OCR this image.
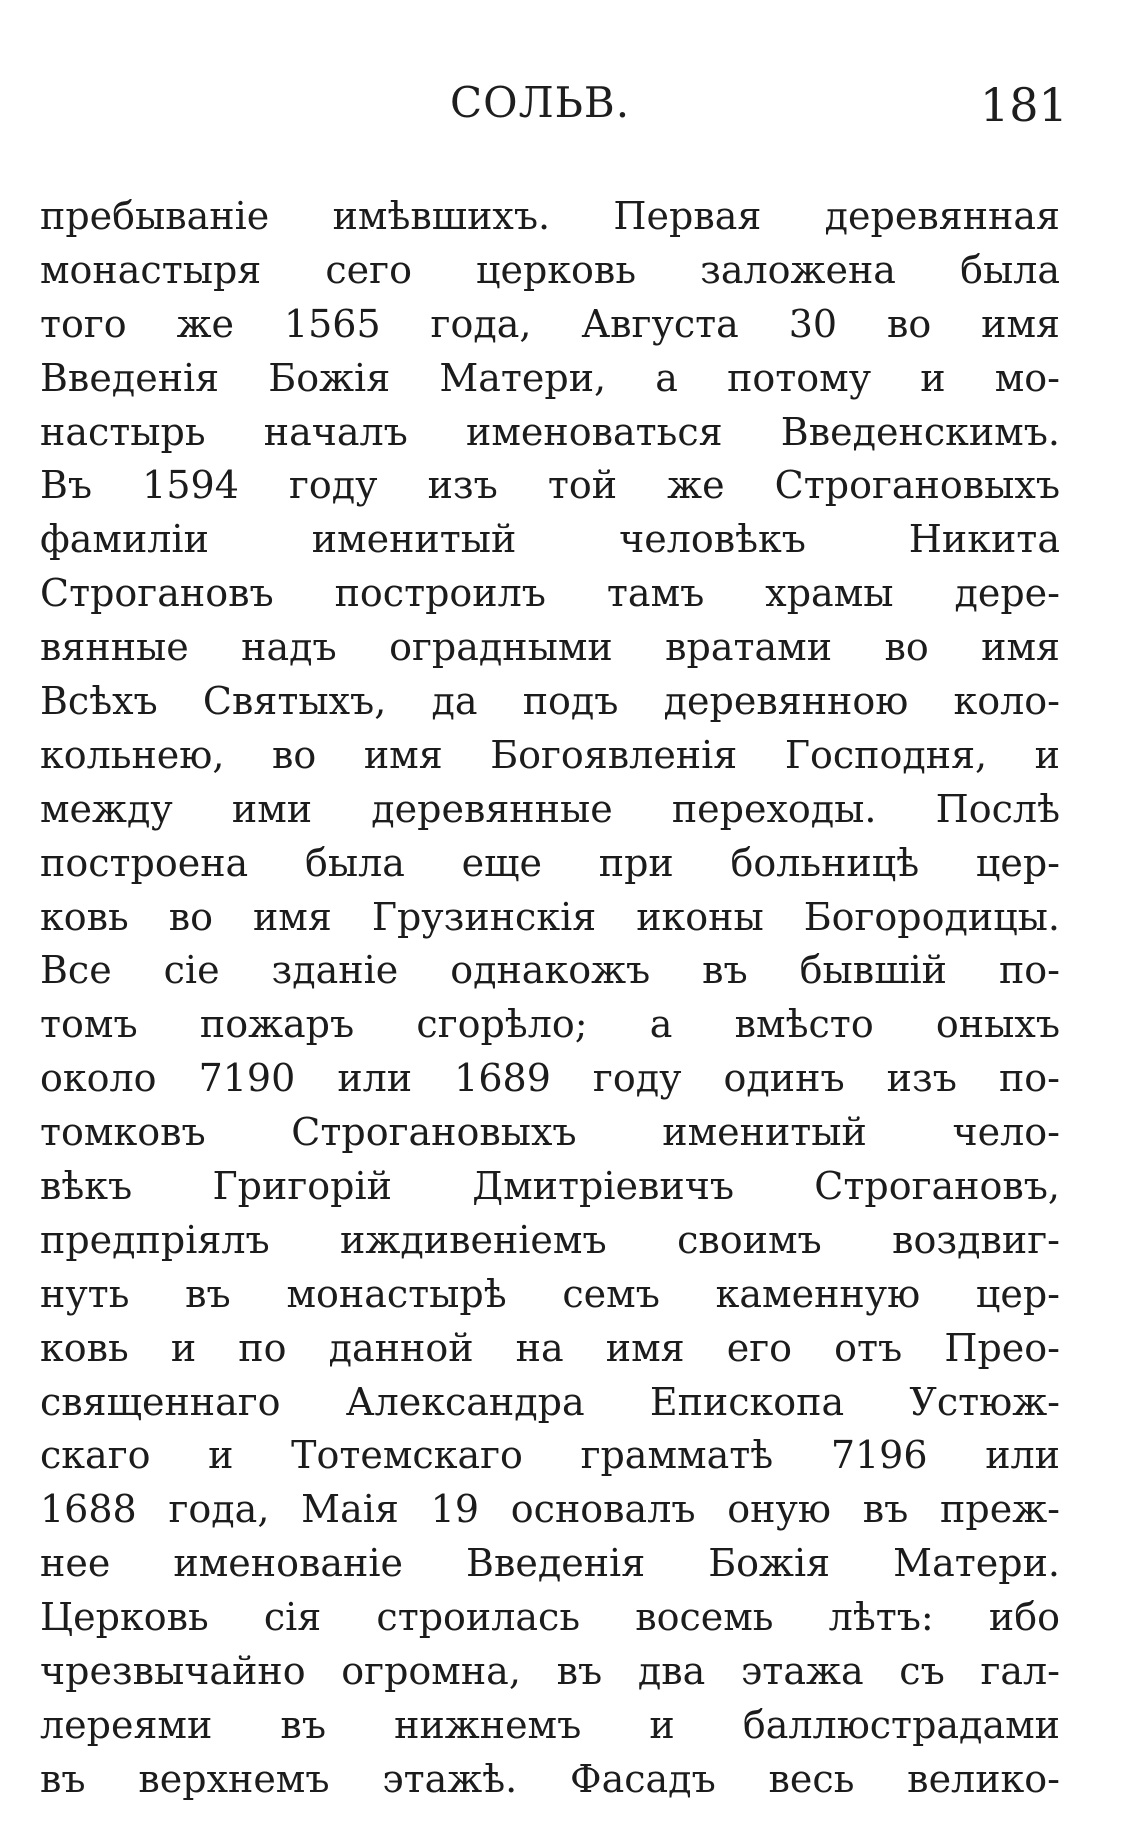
СОЛЬВ.	181
пребываніе имѣвшихъ. Первая деревянная
монастыря сего церковь заложена была
того же 1565 года, Августа 30 во имя
Введенія Божія Матери, а потому и мо-
настырь началъ именоваться Введенскимъ.
Въ 1594 году изъ той же Строгановыхъ
фамиліи именитый человѣкъ Никита
Строгановъ построилъ тамъ храмы дере-
вянные надъ оградными вратами во имя
Всѣхъ Святыхъ, да подъ деревянною коло-
кольнею, во имя Богоявленія Господня, и
между ими деревянные переходы. Послѣ
построена была еще при больницѣ цер-
ковь во имя Грузинскія иконы Богородицы.
Все сіе зданіе однакожъ въ бывшій по-
томъ пожаръ сгорѣло; а вмѣсто оныхъ
около 7190 или 1689 году одинъ изъ по-
томковъ Строгановыхъ именитый чело-
вѣкъ Григорій Дмитріевичъ Строгановъ,
предпріялъ иждивеніемъ своимъ воздвиг-
нуть въ монастырѣ семъ каменную цер-
ковь и по данной на имя его отъ Прео-
священнаго Александра Епископа Устюж-
скаго и Тотемскаго грамматѣ 7196 или
1688 года, Маія 19 основалъ оную въ преж-
нее именованіе Введенія Божія Матери.
Церковь сія строилась восемь лѣтъ: ибо
чрезвычайно огромна, въ два этажа съ гал-
лереями въ нижнемъ и баллюстрадами
въ верхнемъ этажѣ. Фасадъ весь велико-
